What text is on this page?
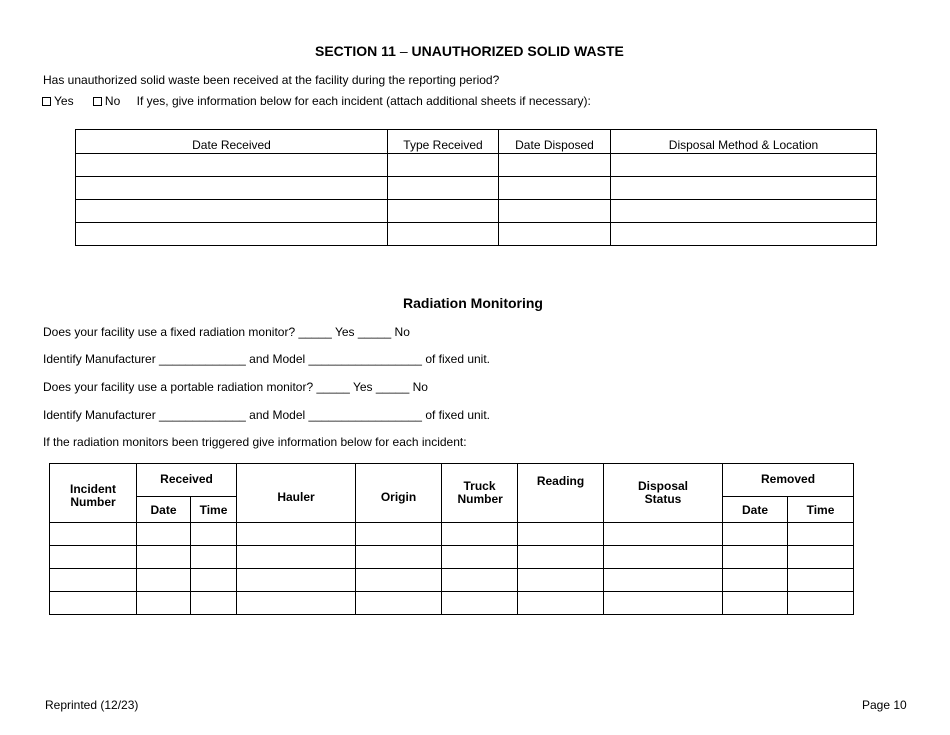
SECTION 11 – UNAUTHORIZED SOLID WASTE
Has unauthorized solid waste been received at the facility during the reporting period?
Yes	No If yes, give information below for each incident (attach additional sheets if necessary):
Date Received	Type Received	Date Disposed	Disposal Method & Location

Radiation Monitoring
Does your facility use a fixed radiation monitor? _____ Yes _____ No
Identify Manufacturer _____________ and Model _________________ of fixed unit.
Does your facility use a portable radiation monitor? _____ Yes _____ No
Identify Manufacturer _____________ and Model _________________ of fixed unit.
If the radiation monitors been triggered give information below for each incident:
Incident Number	Received		Hauler	Origin	Truck Number	Reading	Disposal Status	Removed	
	Date	Time						Date	Time

Reprinted (12/23)	Page 10
